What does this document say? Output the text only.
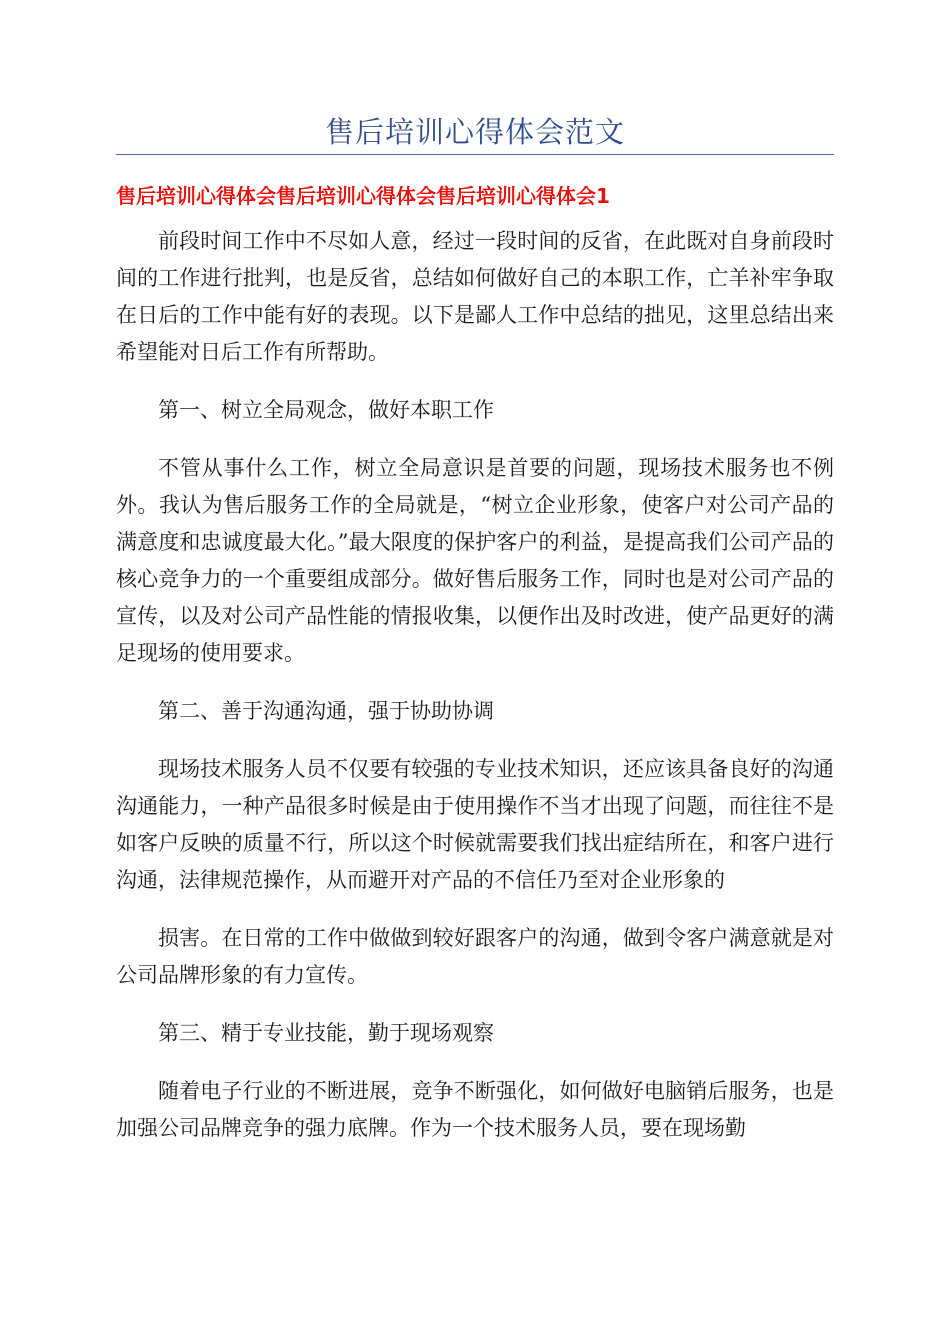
售后培训心得体会范文
售后培训心得体会售后培训心得体会售后培训心得体会1

前段时间工作中不尽如人意，经过一段时间的反省，在此既对自身前段时间的工作进行批判，也是反省，总结如何做好自己的本职工作，亡羊补牢争取在日后的工作中能有好的表现。以下是鄙人工作中总结的拙见，这里总结出来希望能对日后工作有所帮助。

第一、树立全局观念，做好本职工作

不管从事什么工作，树立全局意识是首要的问题，现场技术服务也不例外。我认为售后服务工作的全局就是，“树立企业形象，使客户对公司产品的满意度和忠诚度最大化。”最大限度的保护客户的利益，是提高我们公司产品的核心竞争力的一个重要组成部分。做好售后服务工作，同时也是对公司产品的宣传，以及对公司产品性能的情报收集，以便作出及时改进，使产品更好的满足现场的使用要求。

第二、善于沟通沟通，强于协助协调

现场技术服务人员不仅要有较强的专业技术知识，还应该具备良好的沟通沟通能力，一种产品很多时候是由于使用操作不当才出现了问题，而往往不是如客户反映的质量不行，所以这个时候就需要我们找出症结所在，和客户进行沟通，法律规范操作，从而避开对产品的不信任乃至对企业形象的

损害。在日常的工作中做做到较好跟客户的沟通，做到令客户满意就是对公司品牌形象的有力宣传。

第三、精于专业技能，勤于现场观察

随着电子行业的不断进展，竞争不断强化，如何做好电脑销后服务，也是加强公司品牌竞争的强力底牌。作为一个技术服务人员，要在现场勤
